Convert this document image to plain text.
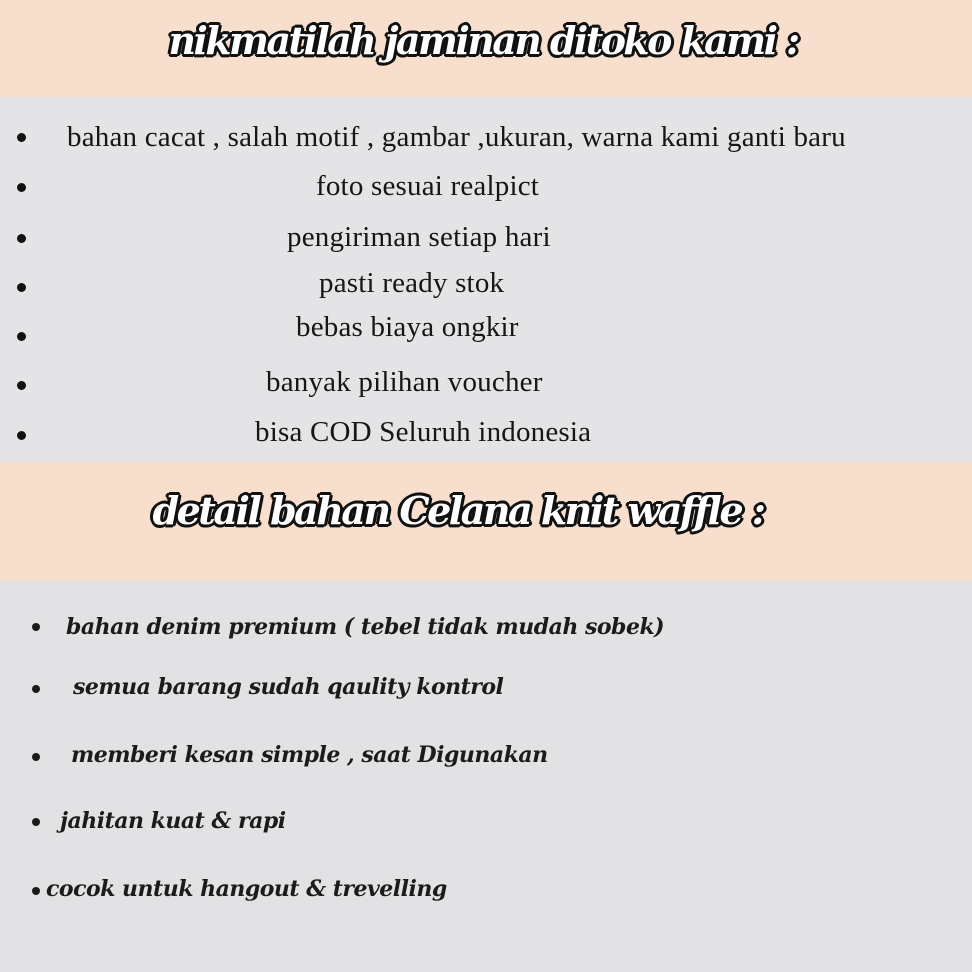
nikmatilah jaminan ditoko kami :
bahan cacat , salah motif , gambar ,ukuran, warna kami ganti baru
foto sesuai realpict
pengiriman setiap hari
pasti ready stok
bebas biaya ongkir
banyak pilihan voucher
bisa COD Seluruh indonesia
detail bahan Celana knit waffle :
bahan denim premium ( tebel tidak mudah sobek)
semua barang sudah qaulity kontrol
memberi kesan simple , saat Digunakan
jahitan kuat & rapi
cocok untuk hangout & trevelling
